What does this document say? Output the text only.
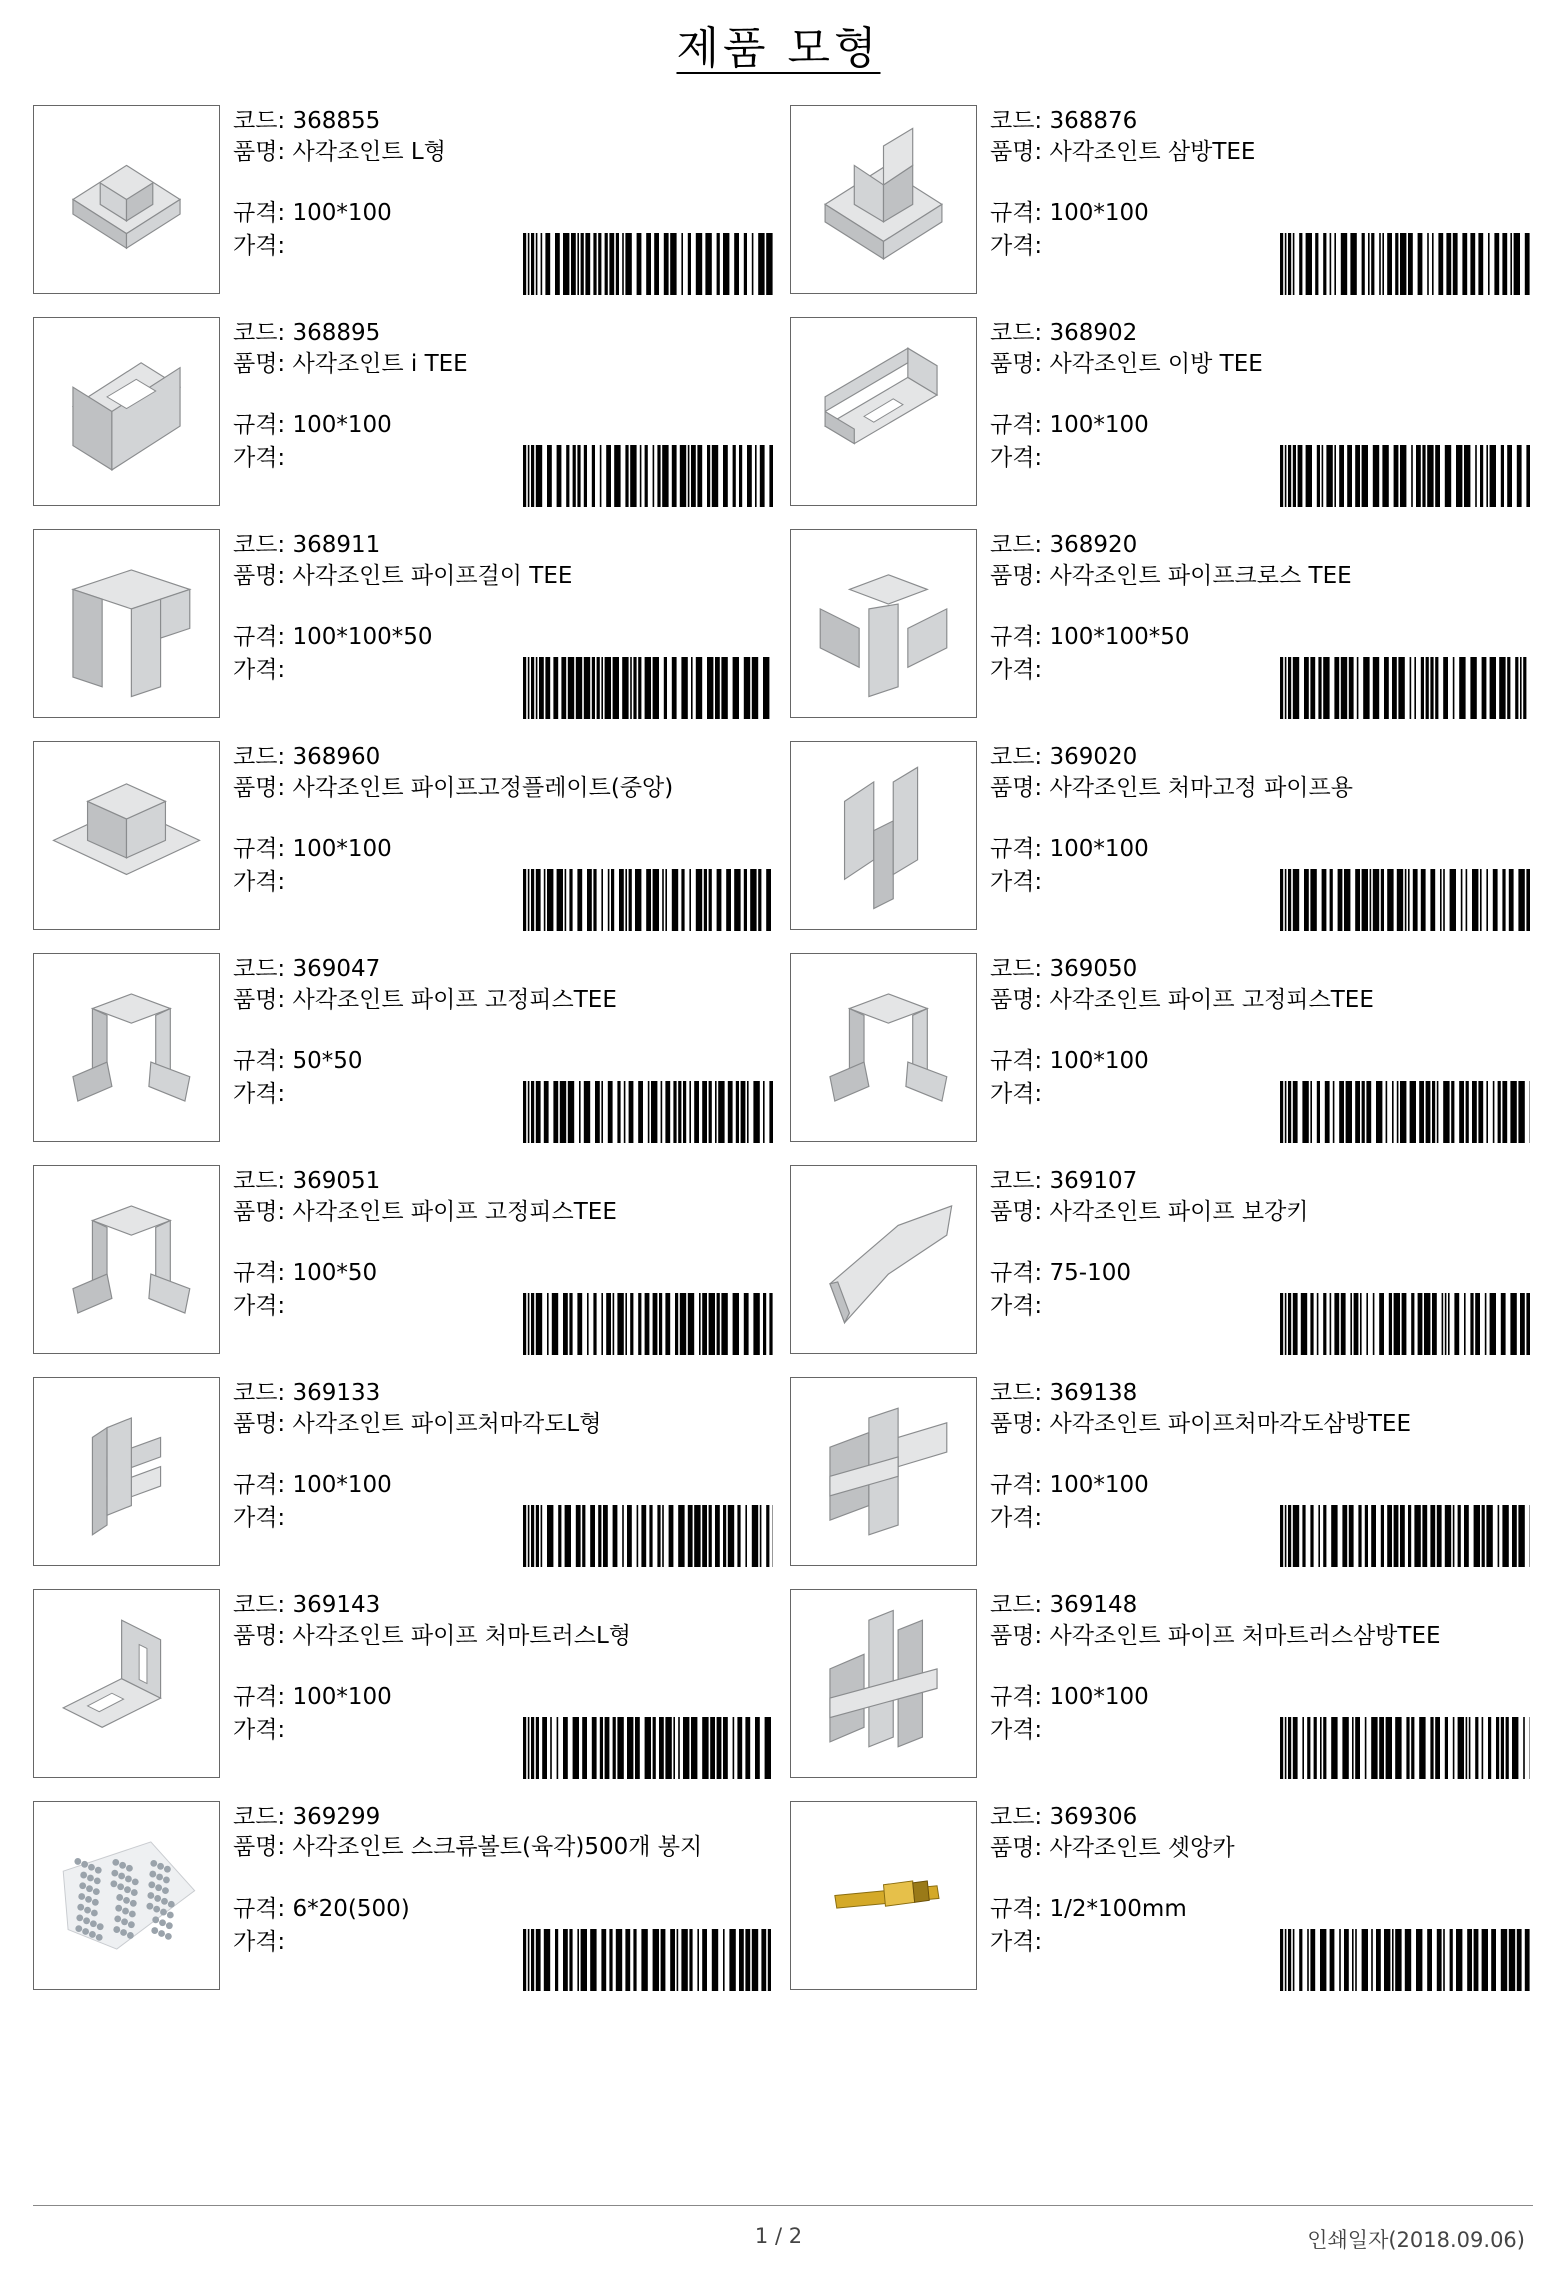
제품 모형
코드: 368855
품명: 사각조인트 L형
규격: 100*100
가격:
코드: 368876
품명: 사각조인트 삼방TEE
규격: 100*100
가격:
코드: 368895
품명: 사각조인트 i TEE
규격: 100*100
가격:
코드: 368902
품명: 사각조인트 이방 TEE
규격: 100*100
가격:
코드: 368911
품명: 사각조인트 파이프걸이 TEE
규격: 100*100*50
가격:
코드: 368920
품명: 사각조인트 파이프크로스 TEE
규격: 100*100*50
가격:
코드: 368960
품명: 사각조인트 파이프고정플레이트(중앙)
규격: 100*100
가격:
코드: 369020
품명: 사각조인트 처마고정 파이프용
규격: 100*100
가격:
코드: 369047
품명: 사각조인트 파이프 고정피스TEE
규격: 50*50
가격:
코드: 369050
품명: 사각조인트 파이프 고정피스TEE
규격: 100*100
가격:
코드: 369051
품명: 사각조인트 파이프 고정피스TEE
규격: 100*50
가격:
코드: 369107
품명: 사각조인트 파이프 보강키
규격: 75-100
가격:
코드: 369133
품명: 사각조인트 파이프처마각도L형
규격: 100*100
가격:
코드: 369138
품명: 사각조인트 파이프처마각도삼방TEE
규격: 100*100
가격:
코드: 369143
품명: 사각조인트 파이프 처마트러스L형
규격: 100*100
가격:
코드: 369148
품명: 사각조인트 파이프 처마트러스삼방TEE
규격: 100*100
가격:
코드: 369299
품명: 사각조인트 스크류볼트(육각)500개 봉지
규격: 6*20(500)
가격:
코드: 369306
품명: 사각조인트 셋앙카
규격: 1/2*100mm
가격:
1 / 2	인쇄일자(2018.09.06)
